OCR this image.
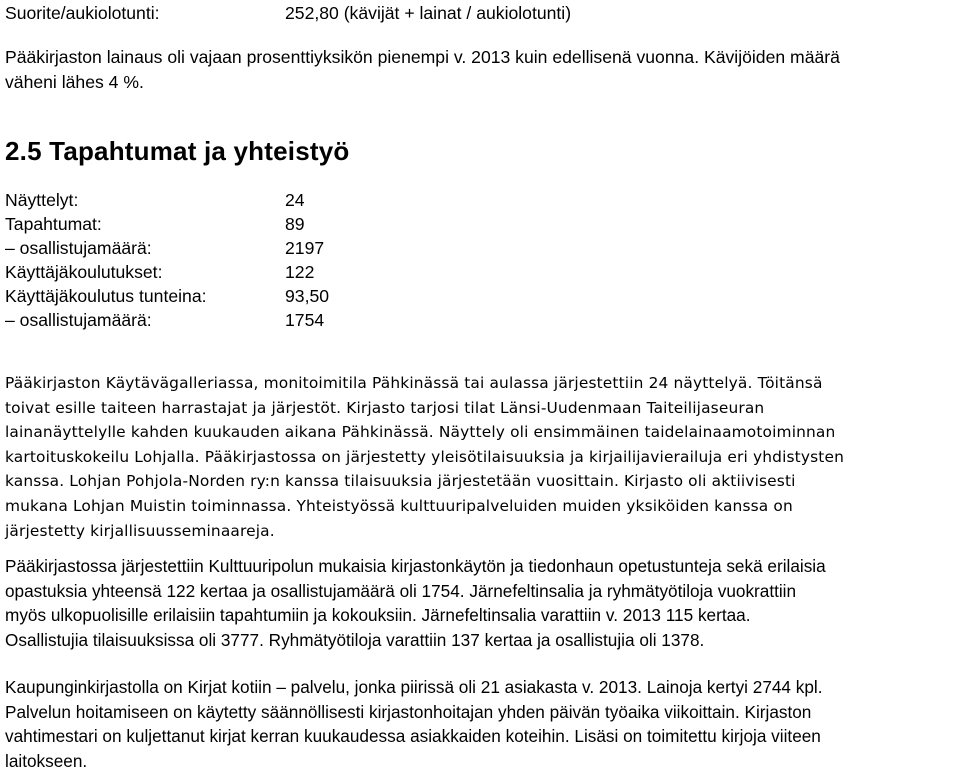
Suorite/aukiolotunti:	252,80 (kävijät + lainat / aukiolotunti)
Pääkirjaston lainaus oli vajaan prosenttiyksikön pienempi v. 2013 kuin edellisenä vuonna. Kävijöiden määrä
väheni lähes 4 %.
2.5 Tapahtumat ja yhteistyö
Näyttelyt:	24
Tapahtumat:	89
– osallistujamäärä:	2197
Käyttäjäkoulutukset:	122
Käyttäjäkoulutus tunteina:	93,50
– osallistujamäärä:	1754
Pääkirjaston Käytävägalleriassa, monitoimitila Pähkinässä tai aulassa järjestettiin 24 näyttelyä. Töitänsä
toivat esille taiteen harrastajat ja järjestöt. Kirjasto tarjosi tilat Länsi-Uudenmaan Taiteilijaseuran
lainanäyttelylle kahden kuukauden aikana Pähkinässä. Näyttely oli ensimmäinen taidelainaamotoiminnan
kartoituskokeilu Lohjalla. Pääkirjastossa on järjestetty yleisötilaisuuksia ja kirjailijavierailuja eri yhdistysten
kanssa. Lohjan Pohjola-Norden ry:n kanssa tilaisuuksia järjestetään vuosittain. Kirjasto oli aktiivisesti
mukana Lohjan Muistin toiminnassa. Yhteistyössä kulttuuripalveluiden muiden yksiköiden kanssa on
järjestetty kirjallisuusseminaareja.
Pääkirjastossa järjestettiin Kulttuuripolun mukaisia kirjastonkäytön ja tiedonhaun opetustunteja sekä erilaisia
opastuksia yhteensä 122 kertaa ja osallistujamäärä oli 1754. Järnefeltinsalia ja ryhmätyötiloja vuokrattiin
myös ulkopuolisille erilaisiin tapahtumiin ja kokouksiin. Järnefeltinsalia varattiin v. 2013 115 kertaa.
Osallistujia tilaisuuksissa oli 3777. Ryhmätyötiloja varattiin 137 kertaa ja osallistujia oli 1378.
Kaupunginkirjastolla on Kirjat kotiin – palvelu, jonka piirissä oli 21 asiakasta v. 2013. Lainoja kertyi 2744 kpl.
Palvelun hoitamiseen on käytetty säännöllisesti kirjastonhoitajan yhden päivän työaika viikoittain. Kirjaston
vahtimestari on kuljettanut kirjat kerran kuukaudessa asiakkaiden koteihin. Lisäsi on toimitettu kirjoja viiteen
laitokseen.
